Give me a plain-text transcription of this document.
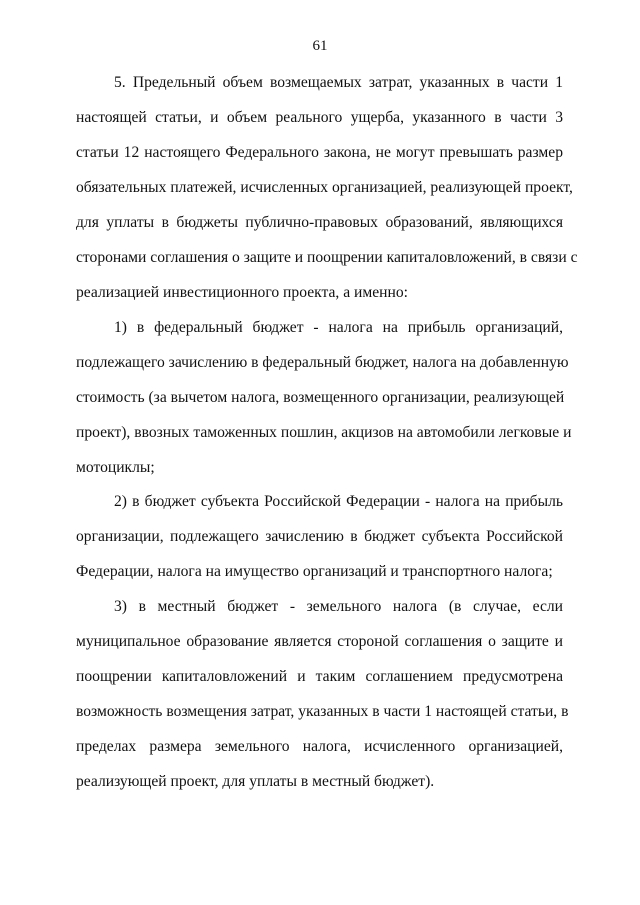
61
5. Предельный объем возмещаемых затрат, указанных в части 1
настоящей статьи, и объем реального ущерба, указанного в части 3
статьи 12 настоящего Федерального закона, не могут превышать размер
обязательных платежей, исчисленных организацией, реализующей проект,
для уплаты в бюджеты публично-правовых образований, являющихся
сторонами соглашения о защите и поощрении капиталовложений, в связи с
реализацией инвестиционного проекта, а именно:
1) в федеральный бюджет - налога на прибыль организаций,
подлежащего зачислению в федеральный бюджет, налога на добавленную
стоимость (за вычетом налога, возмещенного организации, реализующей
проект), ввозных таможенных пошлин, акцизов на автомобили легковые и
мотоциклы;
2) в бюджет субъекта Российской Федерации - налога на прибыль
организации, подлежащего зачислению в бюджет субъекта Российской
Федерации, налога на имущество организаций и транспортного налога;
3) в местный бюджет - земельного налога (в случае, если
муниципальное образование является стороной соглашения о защите и
поощрении капиталовложений и таким соглашением предусмотрена
возможность возмещения затрат, указанных в части 1 настоящей статьи, в
пределах размера земельного налога, исчисленного организацией,
реализующей проект, для уплаты в местный бюджет).
